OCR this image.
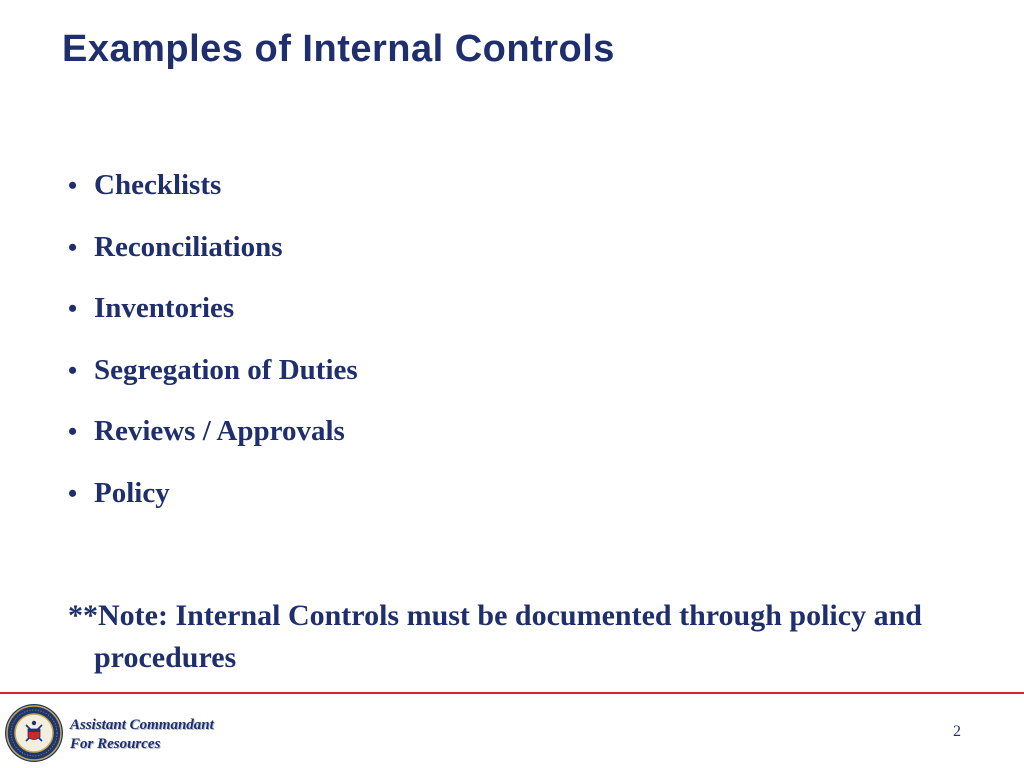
Examples of Internal Controls
• Checklists
• Reconciliations
• Inventories
• Segregation of Duties
• Reviews / Approvals
• Policy

**Note: Internal Controls must be documented through policy and procedures

Assistant Commandant
For Resources
2
